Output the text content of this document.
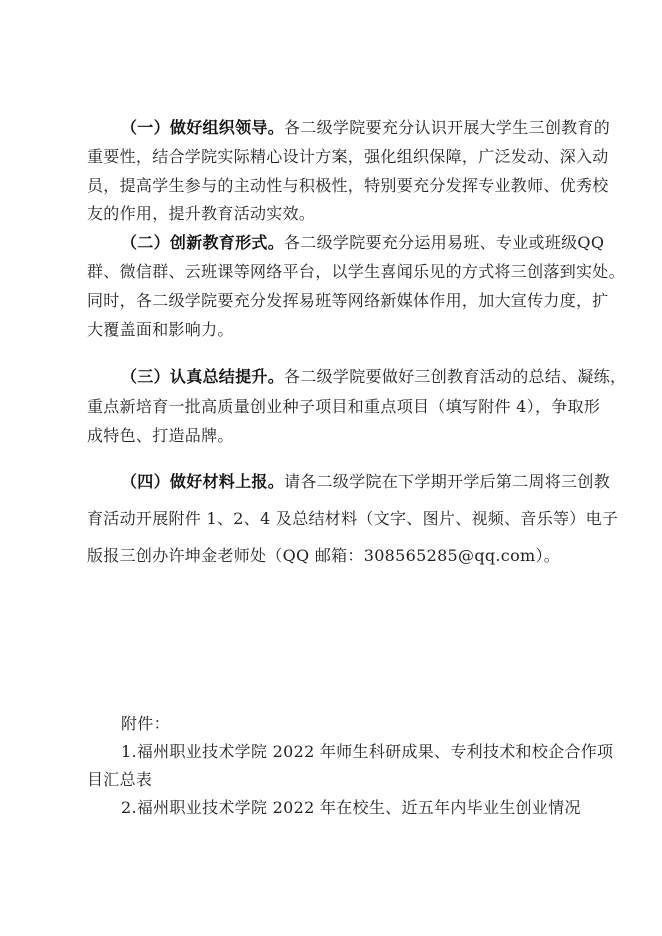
（一）做好组织领导。各二级学院要充分认识开展大学生三创教育的
重要性，结合学院实际精心设计方案，强化组织保障，广泛发动、深入动
员，提高学生参与的主动性与积极性，特别要充分发挥专业教师、优秀校
友的作用，提升教育活动实效。
（二）创新教育形式。各二级学院要充分运用易班、专业或班级QQ
群、微信群、云班课等网络平台，以学生喜闻乐见的方式将三创落到实处。
同时，各二级学院要充分发挥易班等网络新媒体作用，加大宣传力度，扩
大覆盖面和影响力。
（三）认真总结提升。各二级学院要做好三创教育活动的总结、凝练，
重点新培育一批高质量创业种子项目和重点项目（填写附件 4），争取形
成特色、打造品牌。
（四）做好材料上报。请各二级学院在下学期开学后第二周将三创教
育活动开展附件 1、2、4 及总结材料（文字、图片、视频、音乐等）电子
版报三创办许坤金老师处（QQ 邮箱：308565285@qq.com）。
附件：
1.福州职业技术学院 2022 年师生科研成果、专利技术和校企合作项
目汇总表
2.福州职业技术学院 2022 年在校生、近五年内毕业生创业情况
